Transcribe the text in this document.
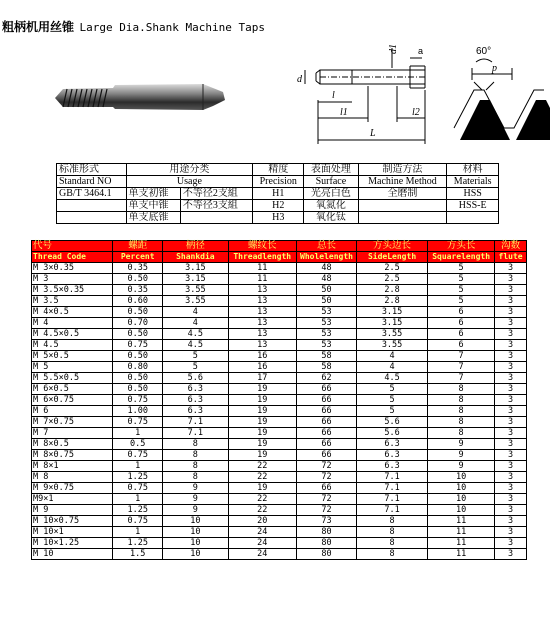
粗柄机用丝锥 Large Dia.Shank Machine Taps
d
d1 a
l
l1	l2
L
60°
p
标准形式	用途分类		精度	表面处理	制造方法	材料
Standard NO	Usage		Precision	Surface	Machine Method	Materials
GB/T 3464.1	单支初锥	不等径2支組	H1	光亮白色	全磨制	HSS
	单支中锥	不等径3支組	H2	氧氮化		HSS-E
	单支底锥		H3	氧化钛		
代号	螺距	柄径	螺纹长	总长	方头边长	方头长	沟数
Thread Code	Percent	Shankdia	Threadlength	Wholelength	SideLength	Squarelength	flute
M 3×0.35	0.35	3.15	11	48	2.5	5	3
M 3	0.50	3.15	11	48	2.5	5	3
M 3.5×0.35	0.35	3.55	13	50	2.8	5	3
M 3.5	0.60	3.55	13	50	2.8	5	3
M 4×0.5	0.50	4	13	53	3.15	6	3
M 4	0.70	4	13	53	3.15	6	3
M 4.5×0.5	0.50	4.5	13	53	3.55	6	3
M 4.5	0.75	4.5	13	53	3.55	6	3
M 5×0.5	0.50	5	16	58	4	7	3
M 5	0.80	5	16	58	4	7	3
M 5.5×0.5	0.50	5.6	17	62	4.5	7	3
M 6×0.5	0.50	6.3	19	66	5	8	3
M 6×0.75	0.75	6.3	19	66	5	8	3
M 6	1.00	6.3	19	66	5	8	3
M 7×0.75	0.75	7.1	19	66	5.6	8	3
M 7	1	7.1	19	66	5.6	8	3
M 8×0.5	0.5	8	19	66	6.3	9	3
M 8×0.75	0.75	8	19	66	6.3	9	3
M 8×1	1	8	22	72	6.3	9	3
M 8	1.25	8	22	72	7.1	10	3
M 9×0.75	0.75	9	19	66	7.1	10	3
M9×1	1	9	22	72	7.1	10	3
M 9	1.25	9	22	72	7.1	10	3
M 10×0.75	0.75	10	20	73	8	11	3
M 10×1	1	10	24	80	8	11	3
M 10×1.25	1.25	10	24	80	8	11	3
M 10	1.5	10	24	80	8	11	3
